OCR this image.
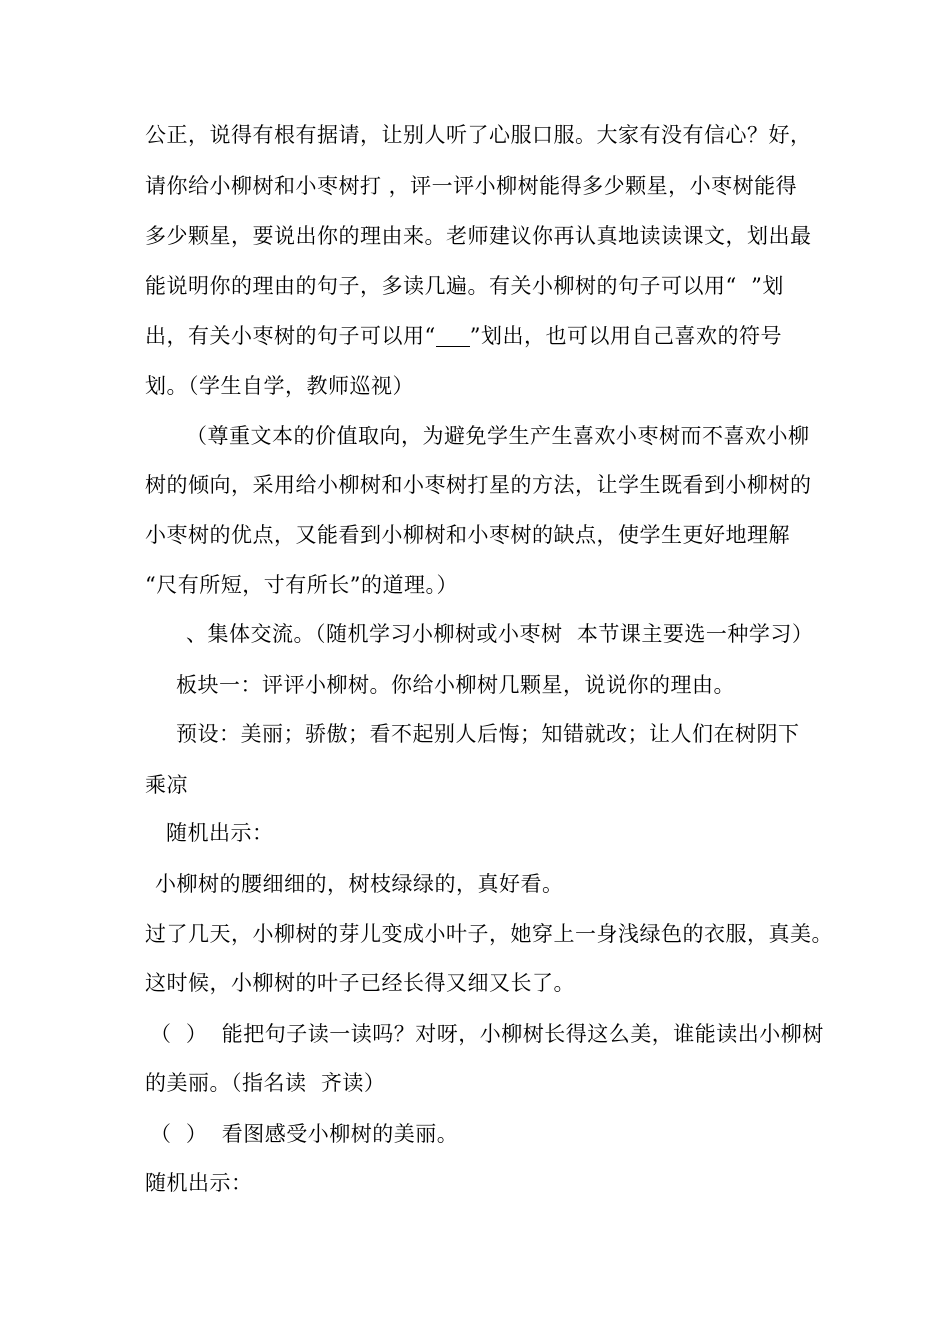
公正，说得有根有据请，让别人听了心服口服。大家有没有信心？好，
请你给小柳树和小枣树打 ，评一评小柳树能得多少颗星，小枣树能得
多少颗星，要说出你的理由来。老师建议你再认真地读读课文，划出最
能说明你的理由的句子，多读几遍。有关小柳树的句子可以用“  ”划
出，有关小枣树的句子可以用“ ”划出，也可以用自己喜欢的符号
划。（学生自学，教师巡视）
（尊重文本的价值取向，为避免学生产生喜欢小枣树而不喜欢小柳
树的倾向，采用给小柳树和小枣树打星的方法，让学生既看到小柳树的
小枣树的优点，又能看到小柳树和小枣树的缺点，使学生更好地理解
“尺有所短，寸有所长”的道理。）
、集体交流。（随机学习小柳树或小枣树  本节课主要选一种学习）
板块一：评评小柳树。你给小柳树几颗星，说说你的理由。
预设：美丽；骄傲；看不起别人后悔；知错就改；让人们在树阴下
乘凉
随机出示：
小柳树的腰细细的，树枝绿绿的，真好看。
过了几天，小柳树的芽儿变成小叶子，她穿上一身浅绿色的衣服，真美。
这时候，小柳树的叶子已经长得又细又长了。
（  ）  能把句子读一读吗？对呀，小柳树长得这么美，谁能读出小柳树
的美丽。（指名读  齐读）
（  ）  看图感受小柳树的美丽。
随机出示：
